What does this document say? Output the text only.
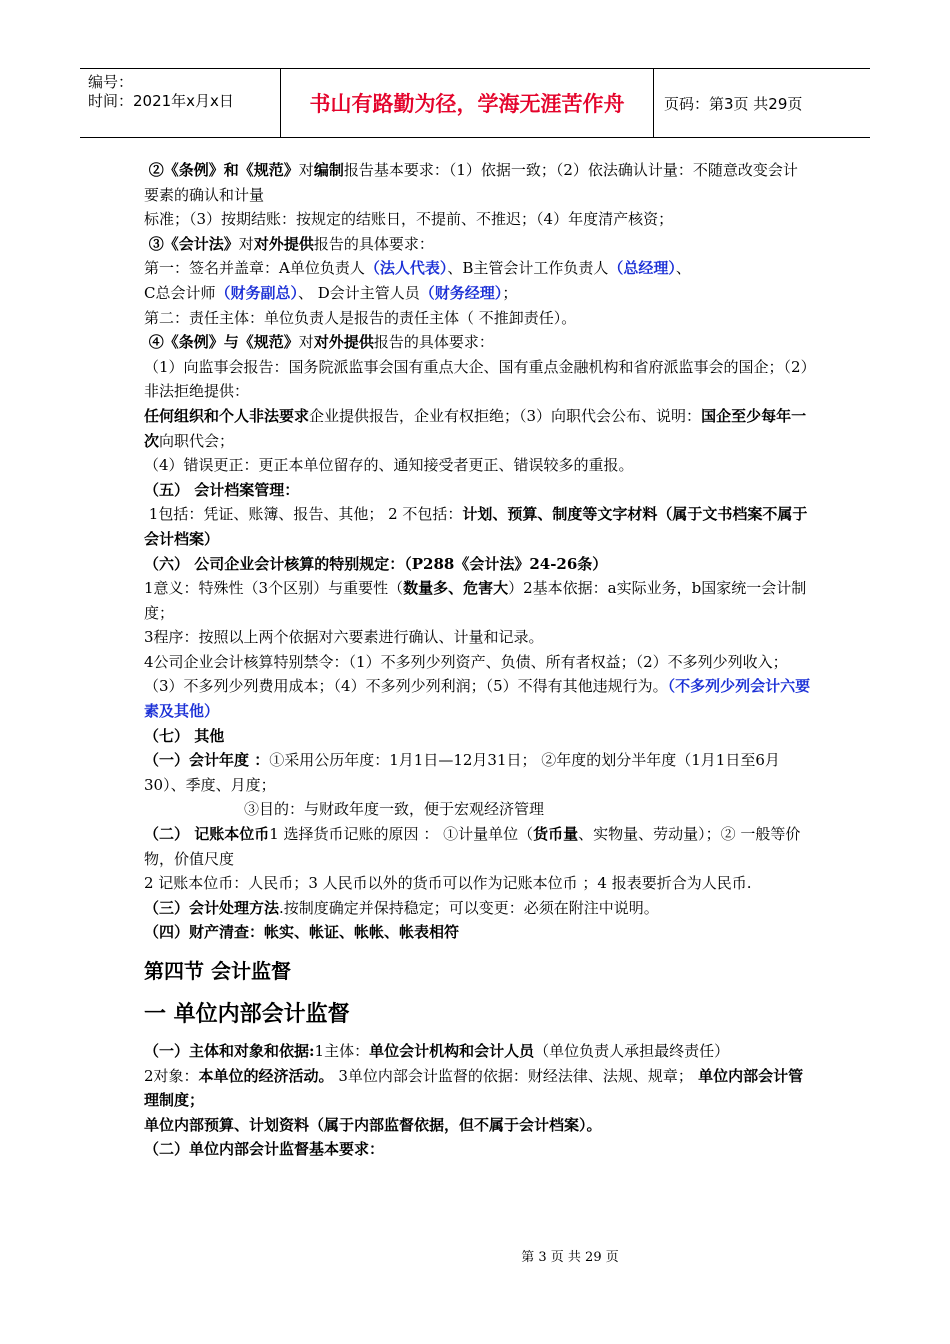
编号：
时间：2021年x月x日	书山有路勤为径，学海无涯苦作舟	页码：第3页 共29页

②《条例》和《规范》对编制报告基本要求：（1）依据一致；（2）依法确认计量：不随意改变会计要素的确认和计量

标准；（3）按期结账：按规定的结账日，不提前、不推迟；（4）年度清产核资；

③《会计法》对对外提供报告的具体要求：

第一：签名并盖章：A单位负责人（法人代表）、B主管会计工作负责人（总经理）、

C总会计师（财务副总）、 D会计主管人员（财务经理）；

第二：责任主体：单位负责人是报告的责任主体（ 不推卸责任）。

④《条例》与《规范》对对外提供报告的具体要求：

（1）向监事会报告：国务院派监事会国有重点大企、国有重点金融机构和省府派监事会的国企；（2）非法拒绝提供：

任何组织和个人非法要求企业提供报告，企业有权拒绝；（3）向职代会公布、说明：国企至少每年一次向职代会；

（4）错误更正：更正本单位留存的、通知接受者更正、错误较多的重报。

（五） 会计档案管理：

1包括：凭证、账簿、报告、其他； 2 不包括：计划、预算、制度等文字材料（属于文书档案不属于会计档案）

（六） 公司企业会计核算的特别规定：（P288《会计法》24-26条）

1意义：特殊性（3个区别）与重要性（数量多、危害大）2基本依据：a实际业务，b国家统一会计制度；

3程序：按照以上两个依据对六要素进行确认、计量和记录。

4公司企业会计核算特别禁令：（1）不多列少列资产、负债、所有者权益；（2）不多列少列收入；

（3）不多列少列费用成本；（4）不多列少列利润；（5）不得有其他违规行为。（不多列少列会计六要素及其他）

（七） 其他

（一）会计年度 ：①采用公历年度：1月1日—12月31日； ②年度的划分半年度（1月1日至6月30）、季度、月度；

③目的：与财政年度一致，便于宏观经济管理

（二） 记账本位币1 选择货币记账的原因 ： ①计量单位（货币量、实物量、劳动量）；② 一般等价物，价值尺度

2 记账本位币：人民币；3 人民币以外的货币可以作为记账本位币 ；4 报表要折合为人民币.

（三）会计处理方法.按制度确定并保持稳定；可以变更：必须在附注中说明。

（四）财产清查：帐实、帐证、帐帐、帐表相符

第四节 会计监督

一 单位内部会计监督

（一）主体和对象和依据:1主体：单位会计机构和会计人员（单位负责人承担最终责任）

2对象：本单位的经济活动。 3单位内部会计监督的依据：财经法律、法规、规章； 单位内部会计管理制度；

单位内部预算、计划资料（属于内部监督依据，但不属于会计档案）。

（二）单位内部会计监督基本要求：

第 3 页 共 29 页
